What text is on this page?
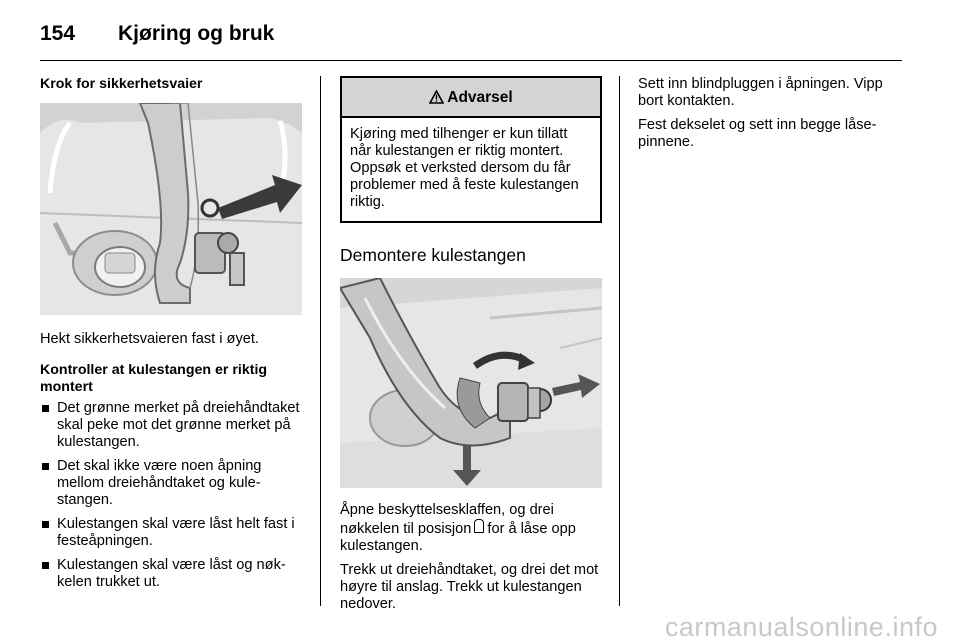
154 Kjøring og bruk

Krok for sikkerhetsvaier

Hekt sikkerhetsvaieren fast i øyet.

Kontroller at kulestangen er riktig montert

Det grønne merket på dreiehåndtaket skal peke mot det grønne merket på kulestangen.
Det skal ikke være noen åpning mellom dreiehåndtaket og kulestangen.
Kulestangen skal være låst helt fast i festeåpningen.
Kulestangen skal være låst og nøkkelen trukket ut.
Advarsel
Kjøring med tilhenger er kun tillatt når kulestangen er riktig montert. Oppsøk et verksted dersom du får problemer med å feste kulestangen riktig.

Demontere kulestangen

Åpne beskyttelsesklaffen, og drei nøkkelen til posisjon for å låse opp kulestangen.

Trekk ut dreiehåndtaket, og drei det mot høyre til anslag. Trekk ut kulestangen nedover.

Sett inn blindpluggen i åpningen. Vipp bort kontakten.

Fest dekselet og sett inn begge låsepinnene.

carmanualsonline.info
